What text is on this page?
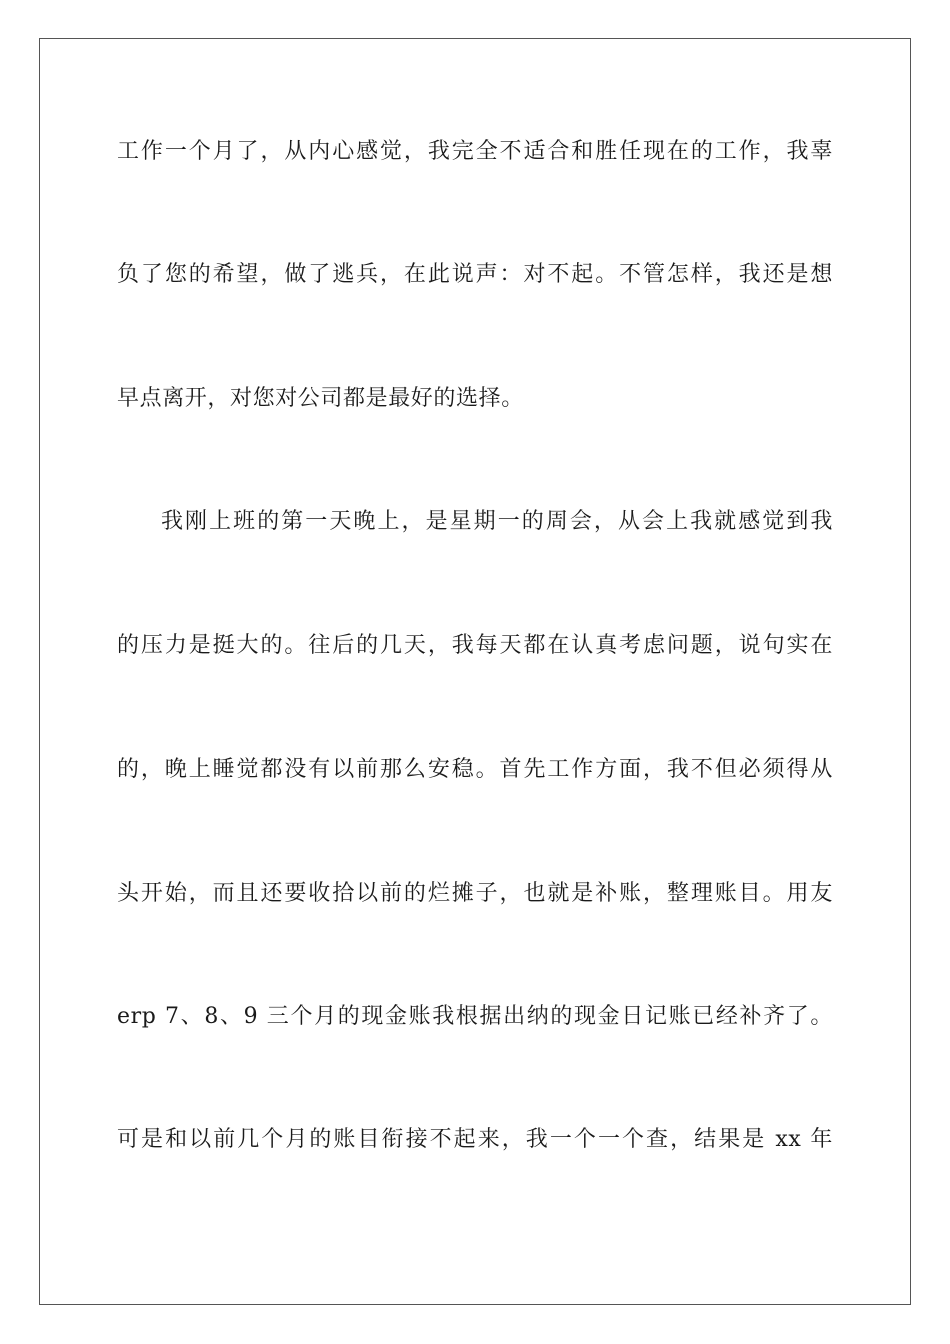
工作一个月了，从内心感觉，我完全不适合和胜任现在的工作，我辜
负了您的希望，做了逃兵，在此说声：对不起。不管怎样，我还是想
早点离开，对您对公司都是最好的选择。
我刚上班的第一天晚上，是星期一的周会，从会上我就感觉到我
的压力是挺大的。往后的几天，我每天都在认真考虑问题，说句实在
的，晚上睡觉都没有以前那么安稳。首先工作方面，我不但必须得从
头开始，而且还要收拾以前的烂摊子，也就是补账，整理账目。用友
erp 7、8、9 三个月的现金账我根据出纳的现金日记账已经补齐了。
可是和以前几个月的账目衔接不起来，我一个一个查，结果是 xx 年
